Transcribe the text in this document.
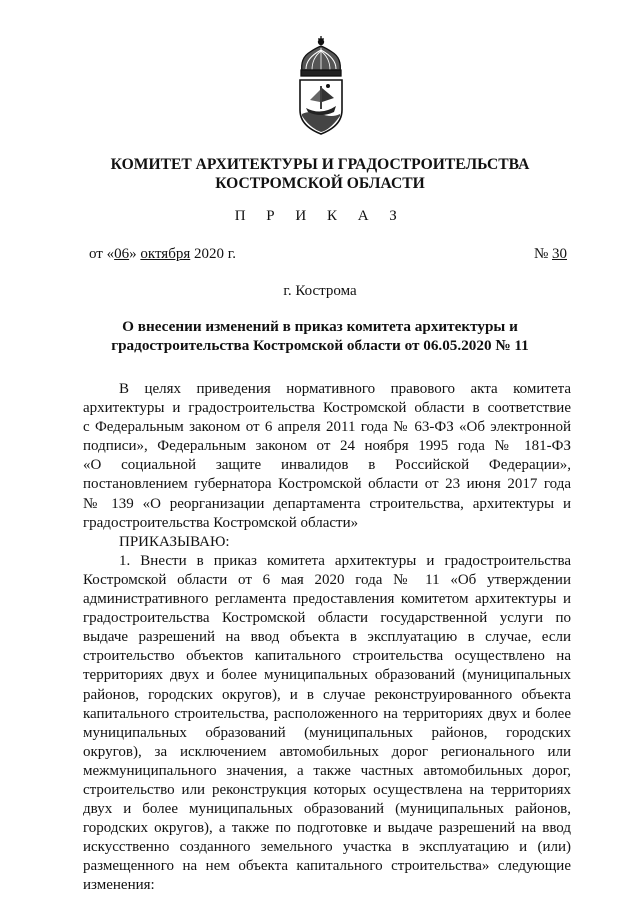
КОМИТЕТ АРХИТЕКТУРЫ И ГРАДОСТРОИТЕЛЬСТВА
КОСТРОМСКОЙ ОБЛАСТИ
П Р И К А З
от «06» октября 2020 г.	№ 30
г. Кострома
О внесении изменений в приказ комитета архитектуры и
градостроительства Костромской области от 06.05.2020 № 11
В целях приведения нормативного правового акта комитета
архитектуры и градостроительства Костромской области в соответствие
с Федеральным законом от 6 апреля 2011 года № 63-ФЗ «Об электронной
подписи», Федеральным законом от 24 ноября 1995 года № 181-ФЗ
«О социальной защите инвалидов в Российской Федерации»,
постановлением губернатора Костромской области от 23 июня 2017 года
№ 139 «О реорганизации департамента строительства, архитектуры и
градостроительства Костромской области»
ПРИКАЗЫВАЮ:
1. Внести в приказ комитета архитектуры и градостроительства
Костромской области от 6 мая 2020 года № 11 «Об утверждении
административного регламента предоставления комитетом архитектуры и
градостроительства Костромской области государственной услуги по
выдаче разрешений на ввод объекта в эксплуатацию в случае, если
строительство объектов капитального строительства осуществлено на
территориях двух и более муниципальных образований (муниципальных
районов, городских округов), и в случае реконструированного объекта
капитального строительства, расположенного на территориях двух и более
муниципальных образований (муниципальных районов, городских
округов), за исключением автомобильных дорог регионального или
межмуниципального значения, а также частных автомобильных дорог,
строительство или реконструкция которых осуществлена на территориях
двух и более муниципальных образований (муниципальных районов,
городских округов), а также по подготовке и выдаче разрешений на ввод
искусственно созданного земельного участка в эксплуатацию и (или)
размещенного на нем объекта капитального строительства» следующие
изменения:
